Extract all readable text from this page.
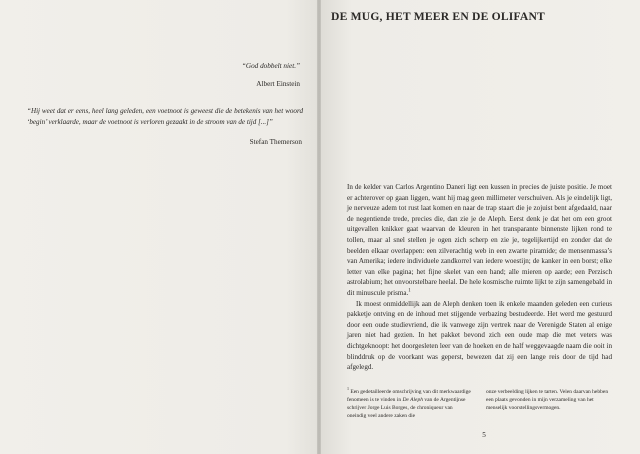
“God dobbelt niet.”
Albert Einstein
“Hij weet dat er eens, heel lang geleden, een voetnoot is geweest die de betekenis van het woord ‘begin’ verklaarde, maar de voetnoot is verloren gezaakt in de stroom van de tijd [...]”
Stefan Themerson
DE MUG, HET MEER EN DE OLIFANT

In de kelder van Carlos Argentino Daneri ligt een kussen in precies de juiste positie. Je moet er achterover op gaan liggen, want hij mag geen millimeter verschuiven. Als je eindelijk ligt, je nerveuze adem tot rust laat komen en naar de trap staart die je zojuist bent afgedaald, naar de negentiende trede, precies die, dan zie je de Aleph. Eerst denk je dat het om een groot uitgevallen knikker gaat waarvan de kleuren in het transparante binnenste lijken rond te tollen, maar al snel stellen je ogen zich scherp en zie je, tegelijkertijd en zonder dat de beelden elkaar overlappen: een zilverachtig web in een zwarte piramide; de mensenmassa’s van Amerika; iedere individuele zandkorrel van iedere woestijn; de kanker in een borst; elke letter van elke pagina; het fijne skelet van een hand; alle mieren op aarde; een Perzisch astrolabium; het onvoorstelbare heelal. De hele kosmische ruimte lijkt te zijn samengebald in dit minuscule prisma.$^1$

Ik moest onmiddellijk aan de Aleph denken toen ik enkele maanden geleden een curieus pakketje ontving en de inhoud met stijgende verbazing bestudeerde. Het werd me gestuurd door een oude studievriend, die ik vanwege zijn vertrek naar de Verenigde Staten al enige jaren niet had gezien. In het pakket bevond zich een oude map die met veters was dichtgeknoopt: het doorgesleten leer van de hoeken en de half weggevaagde naam die ooit in blinddruk op de voorkant was geperst, bewezen dat zij een lange reis door de tijd had afgelegd.

$^1$ Een gedetailleerde omschrijving van dit merkwaardige fenomeen is te vinden in De Aleph van de Argentijnse schrijver Jorge Luis Borges, de chroniqueur van oneindig veel andere zaken die
onze verbeelding lijken te tarten. Velen daarvan hebben een plaats gevonden in mijn verzameling van het menselijk voorstellingsvermogen.
5
